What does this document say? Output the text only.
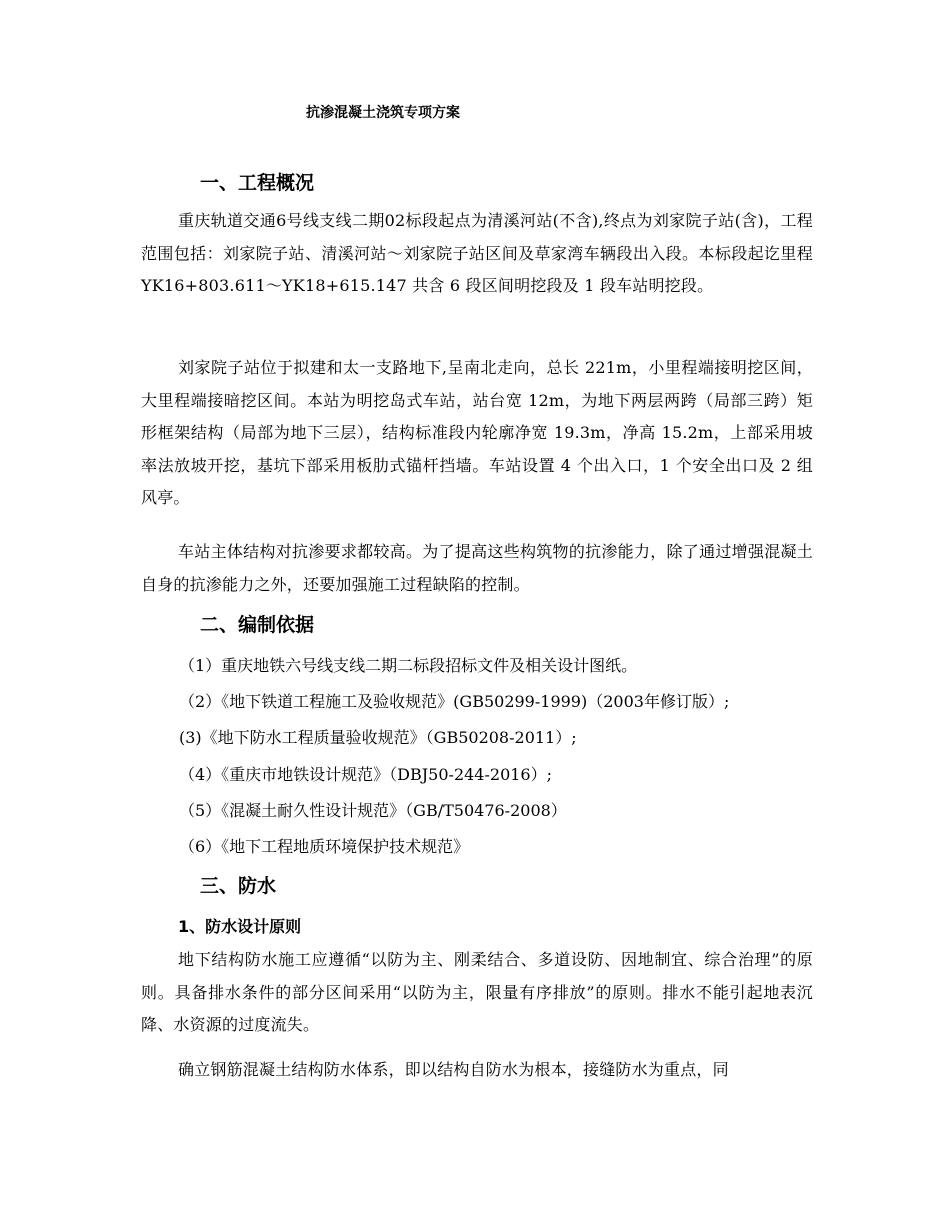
抗渗混凝土浇筑专项方案
一、工程概况

重庆轨道交通6号线支线二期02标段起点为清溪河站(不含),终点为刘家院子站(含)，工程范围包括：刘家院子站、清溪河站～刘家院子站区间及草家湾车辆段出入段。本标段起讫里程 YK16+803.611～YK18+615.147 共含 6 段区间明挖段及 1 段车站明挖段。

刘家院子站位于拟建和太一支路地下,呈南北走向，总长 221m，小里程端接明挖区间，大里程端接暗挖区间。本站为明挖岛式车站，站台宽 12m，为地下两层两跨（局部三跨）矩形框架结构（局部为地下三层），结构标准段内轮廓净宽 19.3m，净高 15.2m，上部采用坡率法放坡开挖，基坑下部采用板肋式锚杆挡墙。车站设置 4 个出入口，1 个安全出口及 2 组风亭。

车站主体结构对抗渗要求都较高。为了提高这些构筑物的抗渗能力，除了通过增强混凝土自身的抗渗能力之外，还要加强施工过程缺陷的控制。

二、编制依据
（1）重庆地铁六号线支线二期二标段招标文件及相关设计图纸。
（2）《地下铁道工程施工及验收规范》(GB50299-1999)（2003年修订版）;
(3)《地下防水工程质量验收规范》（GB50208-2011）;
（4）《重庆市地铁设计规范》（DBJ50-244-2016）;
（5）《混凝土耐久性设计规范》（GB/T50476-2008）
（6）《地下工程地质环境保护技术规范》
三、防水
1、防水设计原则

地下结构防水施工应遵循“以防为主、刚柔结合、多道设防、因地制宜、综合治理”的原则。具备排水条件的部分区间采用“以防为主，限量有序排放”的原则。排水不能引起地表沉降、水资源的过度流失。

确立钢筋混凝土结构防水体系，即以结构自防水为根本，接缝防水为重点，同
